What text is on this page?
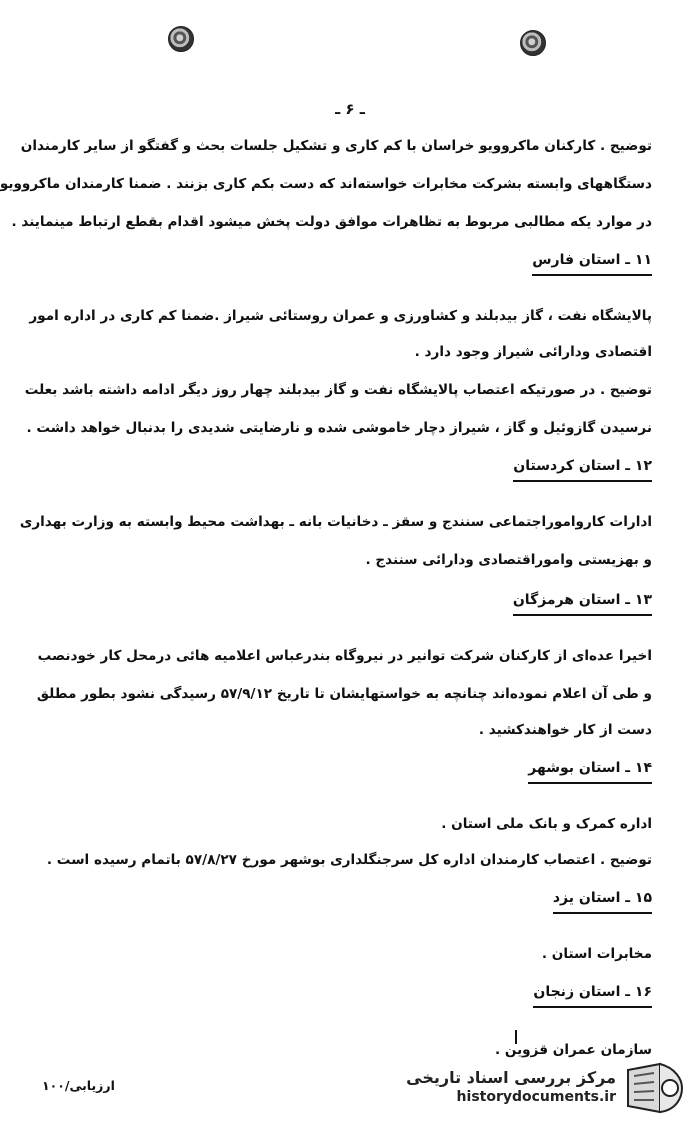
ـ ۶ ـ
توضیح . کارکنان ماکروویو خراسان با کم کاری و تشکیل جلسات بحث و گفتگو از سایر کارمندان
دستگاههای وابسته بشرکت مخابرات خواسته‌اند که دست بکم کاری بزنند . ضمنا کارمندان ماکروویو
در موارد یکه مطالبی مربوط به تظاهرات موافق دولت پخش میشود اقدام بقطع ارتباط مینمایند .
۱۱ ـ استان فارس
پالایشگاه نفت ، گاز بیدبلند و کشاورزی و عمران روستائی شیراز .ضمنا کم کاری در اداره امور
اقتصادی ودارائی شیراز وجود دارد .
توضیح . در صورتیکه اعتصاب پالایشگاه نفت و گاز بیدبلند چهار روز دیگر ادامه داشته باشد بعلت
نرسیدن گازوئیل و گاز ، شیراز دچار خاموشی شده و نارضایتی شدیدی را بدنبال خواهد داشت .
۱۲ ـ استان کردستان
ادارات کارواموراجتماعی سنندج و سقز ـ دخانیات بانه ـ بهداشت محیط وابسته به وزارت بهداری
و بهزیستی واموراقتصادی ودارائی سنندج .
۱۳ ـ استان هرمزگان
اخیرا عده‌ای از کارکنان شرکت توانیر در نیروگاه بندرعباس اعلامیه هائی درمحل کار خودنصب
و طی آن اعلام نموده‌اند چنانچه به خواستهایشان تا تاریخ ۵۷/۹/۱۲ رسیدگی نشود بطور مطلق
دست از کار خواهندکشید .
۱۴ ـ استان بوشهر
اداره کمرک و بانک ملی استان .
توضیح . اعتصاب کارمندان اداره کل سرجنگلداری بوشهر مورخ ۵۷/۸/۲۷ باتمام رسیده است .
۱۵ ـ استان یزد
مخابرات استان .
۱۶ ـ استان زنجان
سازمان عمران قزوین .
ارزیابی/۱۰۰	مرکز بررسی اسناد تاریخی
historydocuments.ir
